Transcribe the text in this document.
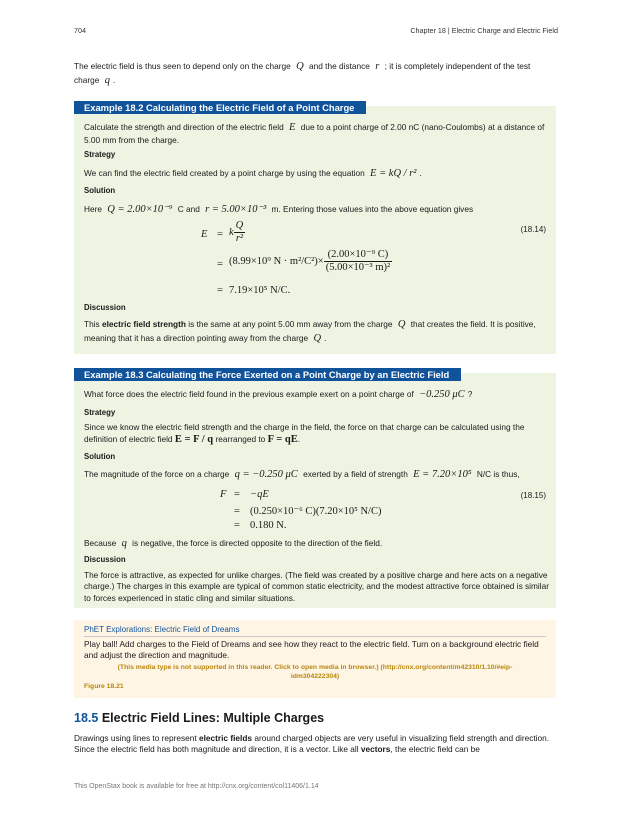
704	Chapter 18 | Electric Charge and Electric Field
The electric field is thus seen to depend only on the charge Q and the distance r ; it is completely independent of the test charge q .
Example 18.2 Calculating the Electric Field of a Point Charge
Calculate the strength and direction of the electric field E due to a point charge of 2.00 nC (nano-Coulombs) at a distance of 5.00 mm from the charge.
Strategy
We can find the electric field created by a point charge by using the equation E = kQ / r² .
Solution
Here Q = 2.00×10⁻⁹ C and r = 5.00×10⁻³ m. Entering those values into the above equation gives
E = k $\frac{Q}{\text{r²}}$	(18.14)
= (8.99×10⁹ $N \cdot m^2/C^2)\times \frac{\text{(2.00×10⁻⁹ C)}}{\text{(5.00×10⁻³ m)²}}$
= 7.19×10⁵ N/C.
Discussion
This electric field strength is the same at any point 5.00 mm away from the charge Q that creates the field. It is positive, meaning that it has a direction pointing away from the charge Q .
Example 18.3 Calculating the Force Exerted on a Point Charge by an Electric Field
What force does the electric field found in the previous example exert on a point charge of −0.250 μC ?
Strategy
Since we know the electric field strength and the charge in the field, the force on that charge can be calculated using the definition of electric field E = F / q rearranged to F = qE.
Solution
The magnitude of the force on a charge q = −0.250 μC exerted by a field of strength E = 7.20×10⁵ N/C is thus,
F = −qE	(18.15)
= (0.250×10⁻⁶ C)(7.20×10⁵ N/C)
= 0.180 N.
Because q is negative, the force is directed opposite to the direction of the field.
Discussion
The force is attractive, as expected for unlike charges. (The field was created by a positive charge and here acts on a negative charge.) The charges in this example are typical of common static electricity, and the modest attractive force obtained is similar to forces experienced in static cling and similar situations.
PhET Explorations: Electric Field of Dreams
Play ball! Add charges to the Field of Dreams and see how they react to the electric field. Turn on a background electric field and adjust the direction and magnitude.
(This media type is not supported in this reader. Click to open media in browser.) (http://cnx.org/content/m42310/1.10/#eip-idm304222304)
Figure 18.21
18.5 Electric Field Lines: Multiple Charges
Drawings using lines to represent electric fields around charged objects are very useful in visualizing field strength and direction. Since the electric field has both magnitude and direction, it is a vector. Like all vectors, the electric field can be
This OpenStax book is available for free at http://cnx.org/content/col11406/1.14
